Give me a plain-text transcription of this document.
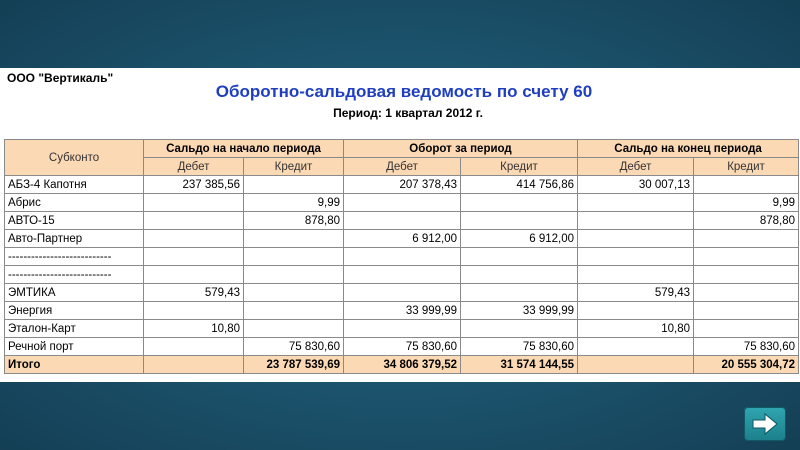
ООО "Вертикаль"
Оборотно-сальдовая ведомость по счету 60
Период: 1 квартал 2012 г.
Субконто	Сальдо на начало периода		Оборот за период		Сальдо на конец периода	
	Дебет	Кредит	Дебет	Кредит	Дебет	Кредит
АБЗ-4 Капотня	237 385,56		207 378,43	414 756,86	30 007,13	
Абрис		9,99				9,99
АВТО-15		878,80				878,80
Авто-Партнер			6 912,00	6 912,00		
---------------------------						
---------------------------						
ЭМТИКА	579,43				579,43	
Энергия			33 999,99	33 999,99		
Эталон-Карт	10,80				10,80	
Речной порт		75 830,60	75 830,60	75 830,60		75 830,60
Итого		23 787 539,69	34 806 379,52	31 574 144,55		20 555 304,72
